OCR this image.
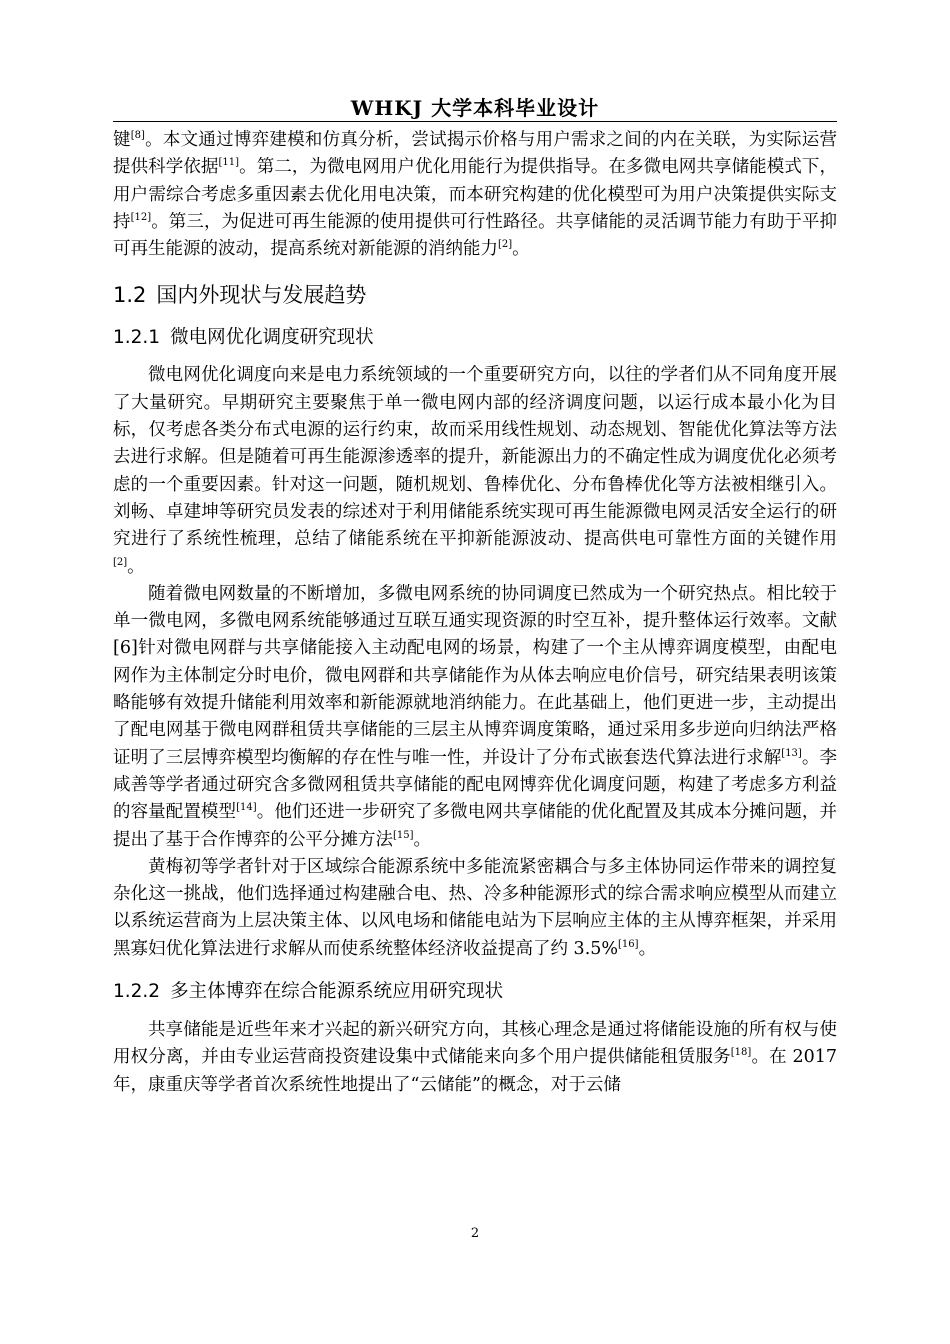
WHKJ 大学本科毕业设计

键[8]。本文通过博弈建模和仿真分析，尝试揭示价格与用户需求之间的内在关联，为实际运营提供科学依据[11]。第二，为微电网用户优化用能行为提供指导。在多微电网共享储能模式下，用户需综合考虑多重因素去优化用电决策，而本研究构建的优化模型可为用户决策提供实际支持[12]。第三，为促进可再生能源的使用提供可行性路径。共享储能的灵活调节能力有助于平抑可再生能源的波动，提高系统对新能源的消纳能力[2]。

1.2 国内外现状与发展趋势
1.2.1 微电网优化调度研究现状

微电网优化调度向来是电力系统领域的一个重要研究方向，以往的学者们从不同角度开展了大量研究。早期研究主要聚焦于单一微电网内部的经济调度问题，以运行成本最小化为目标，仅考虑各类分布式电源的运行约束，故而采用线性规划、动态规划、智能优化算法等方法去进行求解。但是随着可再生能源渗透率的提升，新能源出力的不确定性成为调度优化必须考虑的一个重要因素。针对这一问题，随机规划、鲁棒优化、分布鲁棒优化等方法被相继引入。刘畅、卓建坤等研究员发表的综述对于利用储能系统实现可再生能源微电网灵活安全运行的研究进行了系统性梳理，总结了储能系统在平抑新能源波动、提高供电可靠性方面的关键作用[2]。

随着微电网数量的不断增加，多微电网系统的协同调度已然成为一个研究热点。相比较于单一微电网，多微电网系统能够通过互联互通实现资源的时空互补，提升整体运行效率。文献[6]针对微电网群与共享储能接入主动配电网的场景，构建了一个主从博弈调度模型，由配电网作为主体制定分时电价，微电网群和共享储能作为从体去响应电价信号，研究结果表明该策略能够有效提升储能利用效率和新能源就地消纳能力。在此基础上，他们更进一步，主动提出了配电网基于微电网群租赁共享储能的三层主从博弈调度策略，通过采用多步逆向归纳法严格证明了三层博弈模型均衡解的存在性与唯一性，并设计了分布式嵌套迭代算法进行求解[13]。李咸善等学者通过研究含多微网租赁共享储能的配电网博弈优化调度问题，构建了考虑多方利益的容量配置模型[14]。他们还进一步研究了多微电网共享储能的优化配置及其成本分摊问题，并提出了基于合作博弈的公平分摊方法[15]。

黄梅初等学者针对于区域综合能源系统中多能流紧密耦合与多主体协同运作带来的调控复杂化这一挑战，他们选择通过构建融合电、热、冷多种能源形式的综合需求响应模型从而建立以系统运营商为上层决策主体、以风电场和储能电站为下层响应主体的主从博弈框架，并采用黑寡妇优化算法进行求解从而使系统整体经济收益提高了约 3.5%[16]。

1.2.2 多主体博弈在综合能源系统应用研究现状

共享储能是近些年来才兴起的新兴研究方向，其核心理念是通过将储能设施的所有权与使用权分离，并由专业运营商投资建设集中式储能来向多个用户提供储能租赁服务[18]。在 2017 年，康重庆等学者首次系统性地提出了“云储能”的概念，对于云储

2
